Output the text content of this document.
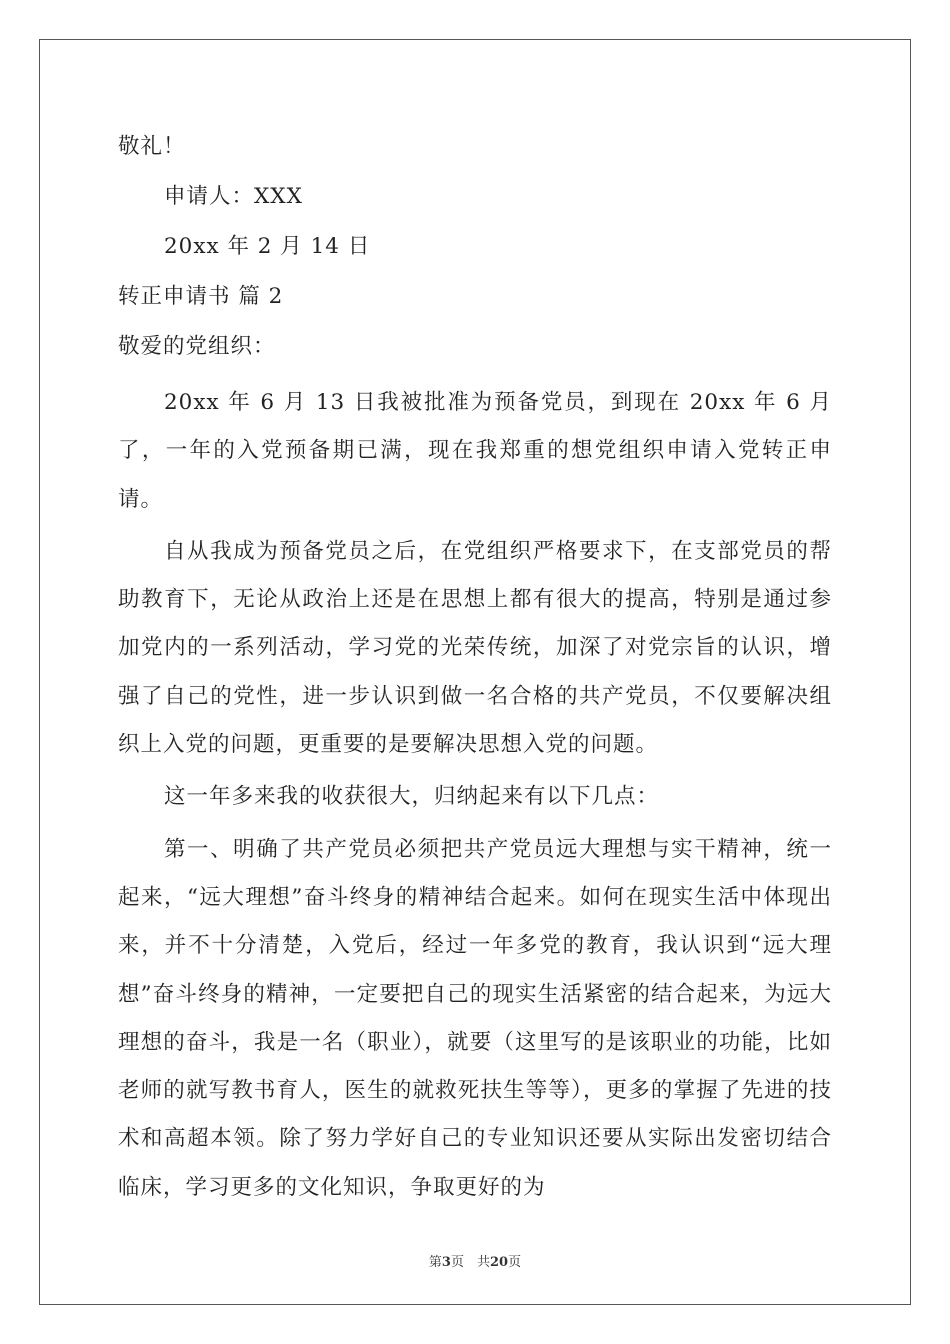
敬礼！
申请人：XXX
20xx 年 2 月 14 日
转正申请书 篇 2
敬爱的党组织：
20xx 年 6 月 13 日我被批准为预备党员，到现在 20xx 年 6 月了，一年的入党预备期已满，现在我郑重的想党组织申请入党转正申请。
自从我成为预备党员之后，在党组织严格要求下，在支部党员的帮助教育下，无论从政治上还是在思想上都有很大的提高，特别是通过参加党内的一系列活动，学习党的光荣传统，加深了对党宗旨的认识，增强了自己的党性，进一步认识到做一名合格的共产党员，不仅要解决组织上入党的问题，更重要的是要解决思想入党的问题。
这一年多来我的收获很大，归纳起来有以下几点：
第一、明确了共产党员必须把共产党员远大理想与实干精神，统一起来，“远大理想”奋斗终身的精神结合起来。如何在现实生活中体现出来，并不十分清楚，入党后，经过一年多党的教育，我认识到“远大理想”奋斗终身的精神，一定要把自己的现实生活紧密的结合起来，为远大理想的奋斗，我是一名（职业），就要（这里写的是该职业的功能，比如老师的就写教书育人，医生的就救死扶生等等），更多的掌握了先进的技术和高超本领。除了努力学好自己的专业知识还要从实际出发密切结合临床，学习更多的文化知识，争取更好的为
第3页　共20页
